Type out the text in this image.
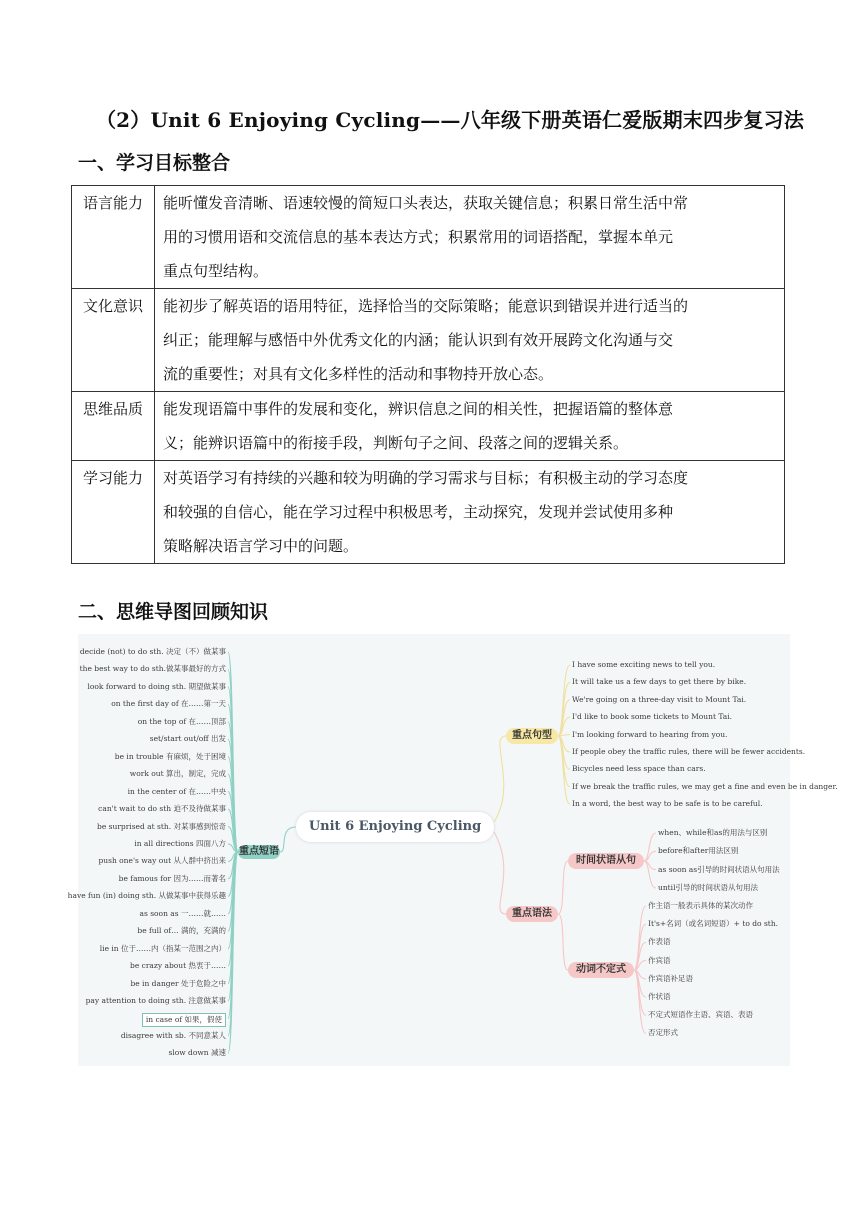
（2）Unit 6 Enjoying Cycling——八年级下册英语仁爱版期末四步复习法
一、学习目标整合
语言能力	能听懂发音清晰、语速较慢的简短口头表达，获取关键信息；积累日常生活中常
用的习惯用语和交流信息的基本表达方式；积累常用的词语搭配，掌握本单元
重点句型结构。

文化意识	能初步了解英语的语用特征，选择恰当的交际策略；能意识到错误并进行适当的
纠正；能理解与感悟中外优秀文化的内涵；能认识到有效开展跨文化沟通与交
流的重要性；对具有文化多样性的活动和事物持开放心态。

思维品质	能发现语篇中事件的发展和变化，辨识信息之间的相关性，把握语篇的整体意
义；能辨识语篇中的衔接手段，判断句子之间、段落之间的逻辑关系。

学习能力	对英语学习有持续的兴趣和较为明确的学习需求与目标；有积极主动的学习态度
和较强的自信心，能在学习过程中积极思考，主动探究，发现并尝试使用多种
策略解决语言学习中的问题。
二、思维导图回顾知识
Unit 6 Enjoying Cycling
重点短语
重点句型
重点语法
时间状语从句
动词不定式
decide (not) to do sth. 决定（不）做某事
the best way to do sth.做某事最好的方式
look forward to doing sth. 期望做某事
on the first day of 在……第一天
on the top of 在……顶部
set/start out/off 出发
be in trouble 有麻烦，处于困境
work out 算出，制定，完成
in the center of 在……中央
can't wait to do sth 迫不及待做某事
be surprised at sth. 对某事感到惊奇
in all directions 四面八方
push one's way out 从人群中挤出来
be famous for 因为……而著名
have fun (in) doing sth. 从做某事中获得乐趣
as soon as 一……就……
be full of… 满的，充满的
lie in 位于……内（指某一范围之内）
be crazy about 热衷于……
be in danger 处于危险之中
pay attention to doing sth. 注意做某事
in case of 如果，假使
disagree with sb. 不同意某人
slow down 减速
I have some exciting news to tell you.
It will take us a few days to get there by bike.
We're going on a three-day visit to Mount Tai.
I'd like to book some tickets to Mount Tai.
I'm looking forward to hearing from you.
If people obey the traffic rules, there will be fewer accidents.
Bicycles need less space than cars.
If we break the traffic rules, we may get a fine and even be in danger.
In a word, the best way to be safe is to be careful.
when、while和as的用法与区别
before和after用法区别
as soon as引导的时间状语从句用法
until引导的时间状语从句用法
作主语一般表示具体的某次动作
It's+名词（或名词短语）+ to do sth.
作表语
作宾语
作宾语补足语
作状语
不定式短语作主语、宾语、表语
否定形式
